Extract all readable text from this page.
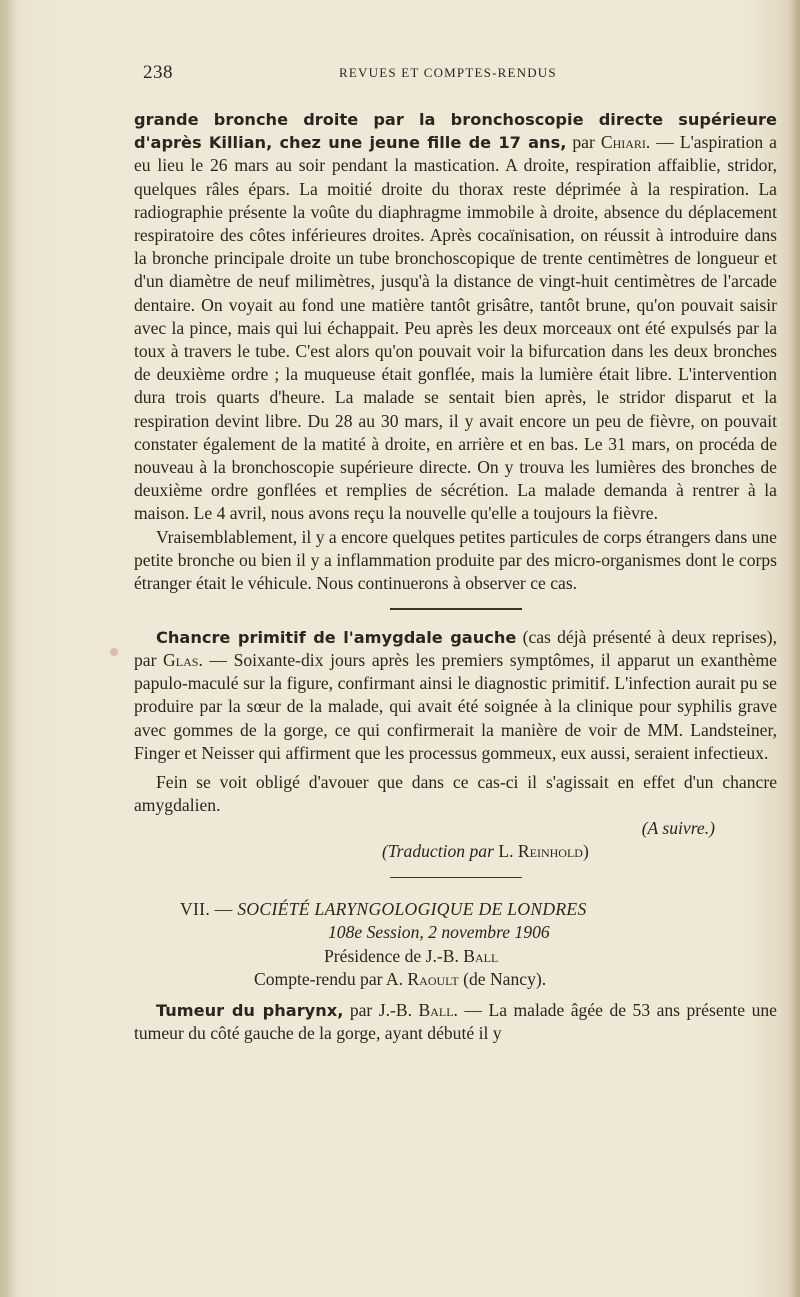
238	REVUES ET COMPTES-RENDUS

grande bronche droite par la bronchoscopie directe supérieure d'après Killian, chez une jeune fille de 17 ans, par Chiari. — L'aspiration a eu lieu le 26 mars au soir pendant la mastication. A droite, respiration affaiblie, stridor, quelques râles épars. La moitié droite du thorax reste déprimée à la respiration. La radiographie présente la voûte du diaphragme immobile à droite, absence du déplacement respiratoire des côtes inférieures droites. Après cocaïnisation, on réussit à introduire dans la bronche principale droite un tube bronchoscopique de trente centimètres de longueur et d'un diamètre de neuf milimètres, jusqu'à la distance de vingt-huit centimètres de l'arcade dentaire. On voyait au fond une matière tantôt grisâtre, tantôt brune, qu'on pouvait saisir avec la pince, mais qui lui échappait. Peu après les deux morceaux ont été expulsés par la toux à travers le tube. C'est alors qu'on pouvait voir la bifurcation dans les deux bronches de deuxième ordre ; la muqueuse était gonflée, mais la lumière était libre. L'intervention dura trois quarts d'heure. La malade se sentait bien après, le stridor disparut et la respiration devint libre. Du 28 au 30 mars, il y avait encore un peu de fièvre, on pouvait constater également de la matité à droite, en arrière et en bas. Le 31 mars, on procéda de nouveau à la bronchoscopie supérieure directe. On y trouva les lumières des bronches de deuxième ordre gonflées et remplies de sécrétion. La malade demanda à rentrer à la maison. Le 4 avril, nous avons reçu la nouvelle qu'elle a toujours la fièvre.

Vraisemblablement, il y a encore quelques petites particules de corps étrangers dans une petite bronche ou bien il y a inflammation produite par des micro-organismes dont le corps étranger était le véhicule. Nous continuerons à observer ce cas.

Chancre primitif de l'amygdale gauche (cas déjà présenté à deux reprises), par Glas. — Soixante-dix jours après les premiers symptômes, il apparut un exanthème papulo-maculé sur la figure, confirmant ainsi le diagnostic primitif. L'infection aurait pu se produire par la sœur de la malade, qui avait été soignée à la clinique pour syphilis grave avec gommes de la gorge, ce qui confirmerait la manière de voir de MM. Landsteiner, Finger et Neisser qui affirment que les processus gommeux, eux aussi, seraient infectieux.

Fein se voit obligé d'avouer que dans ce cas-ci il s'agissait en effet d'un chancre amygdalien.
(A suivre.)

(Traduction par L. Reinhold)

VII. — SOCIÉTÉ LARYNGOLOGIQUE DE LONDRES

108e Session, 2 novembre 1906

Présidence de J.-B. Ball

Compte-rendu par A. Raoult (de Nancy).

Tumeur du pharynx, par J.-B. Ball. — La malade âgée de 53 ans présente une tumeur du côté gauche de la gorge, ayant débuté il y
